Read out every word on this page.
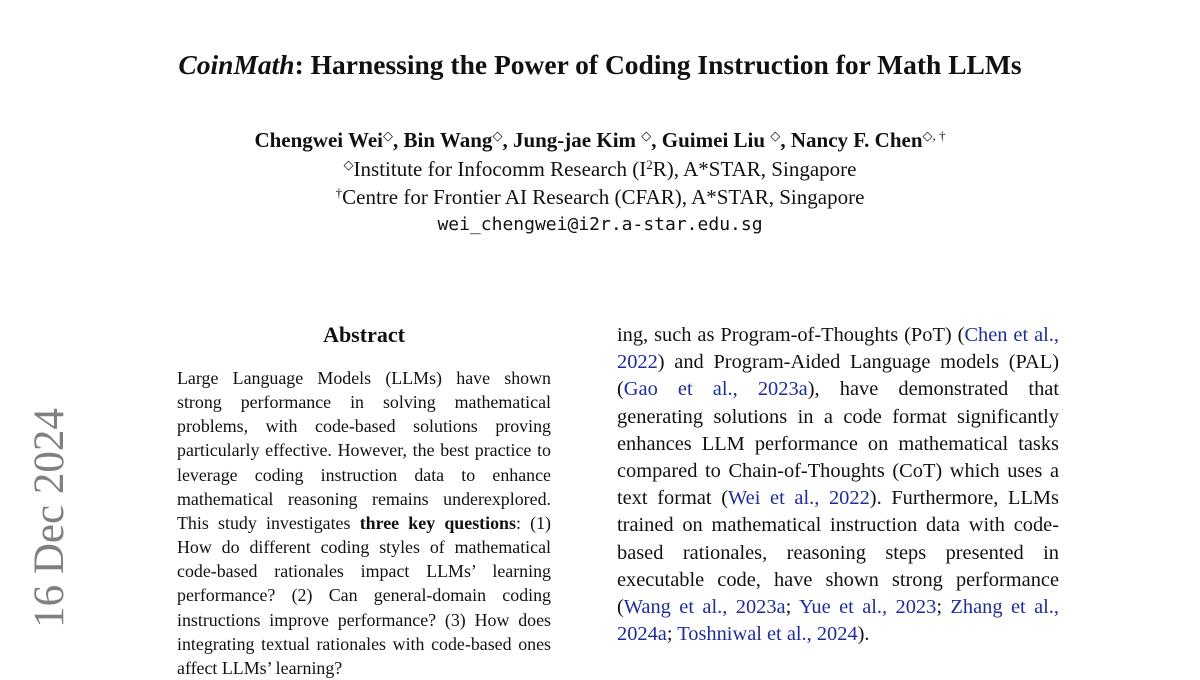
CoinMath: Harnessing the Power of Coding Instruction for Math LLMs
Chengwei Wei◇, Bin Wang◇, Jung-jae Kim ◇, Guimei Liu ◇, Nancy F. Chen◇, †
◇Institute for Infocomm Research $(I^2R)$, A*STAR, Singapore
†Centre for Frontier AI Research (CFAR), A*STAR, Singapore
wei_chengwei@i2r.a-star.edu.sg
16 Dec 2024
Abstract
Large Language Models (LLMs) have shown strong performance in solving mathematical problems, with code-based solutions proving particularly effective. However, the best practice to leverage coding instruction data to enhance mathematical reasoning remains underexplored. This study investigates three key questions: (1) How do different coding styles of mathematical code-based rationales impact LLMs’ learning performance? (2) Can general-domain coding instructions improve performance? (3) How does integrating textual rationales with code-based ones affect LLMs’ learning?
ing, such as Program-of-Thoughts (PoT) (Chen et al., 2022) and Program-Aided Language models (PAL) (Gao et al., 2023a), have demonstrated that generating solutions in a code format significantly enhances LLM performance on mathematical tasks compared to Chain-of-Thoughts (CoT) which uses a text format (Wei et al., 2022). Furthermore, LLMs trained on mathematical instruction data with code-based rationales, reasoning steps presented in executable code, have shown strong performance (Wang et al., 2023a; Yue et al., 2023; Zhang et al., 2024a; Toshniwal et al., 2024).
